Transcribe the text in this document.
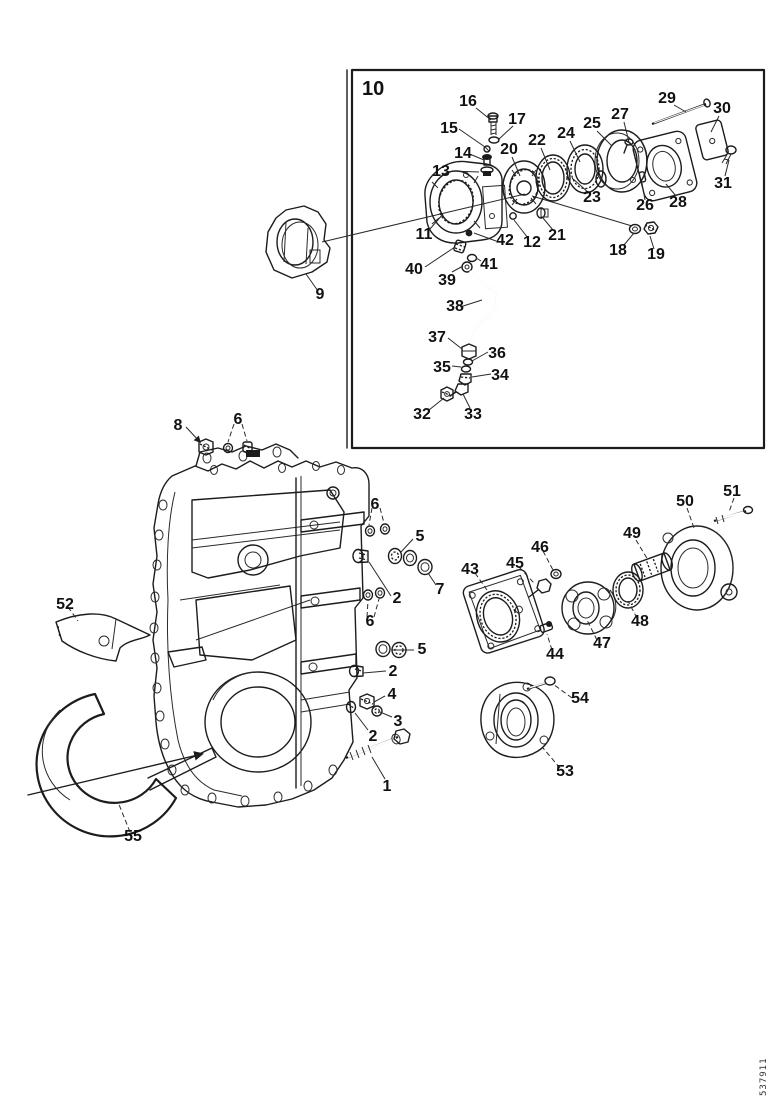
10
16
17
15
14
13
20
22 24
25
27
29
30
31
23 26 28
18 19
11	42 12 21
40	41
39
38
37
36
35	34
32 33
9
8	6
6
5
2
7
6
5
2
4
3
2
1
43 45
46
44
47
48
49
50
51
54
53
52
55
537911
